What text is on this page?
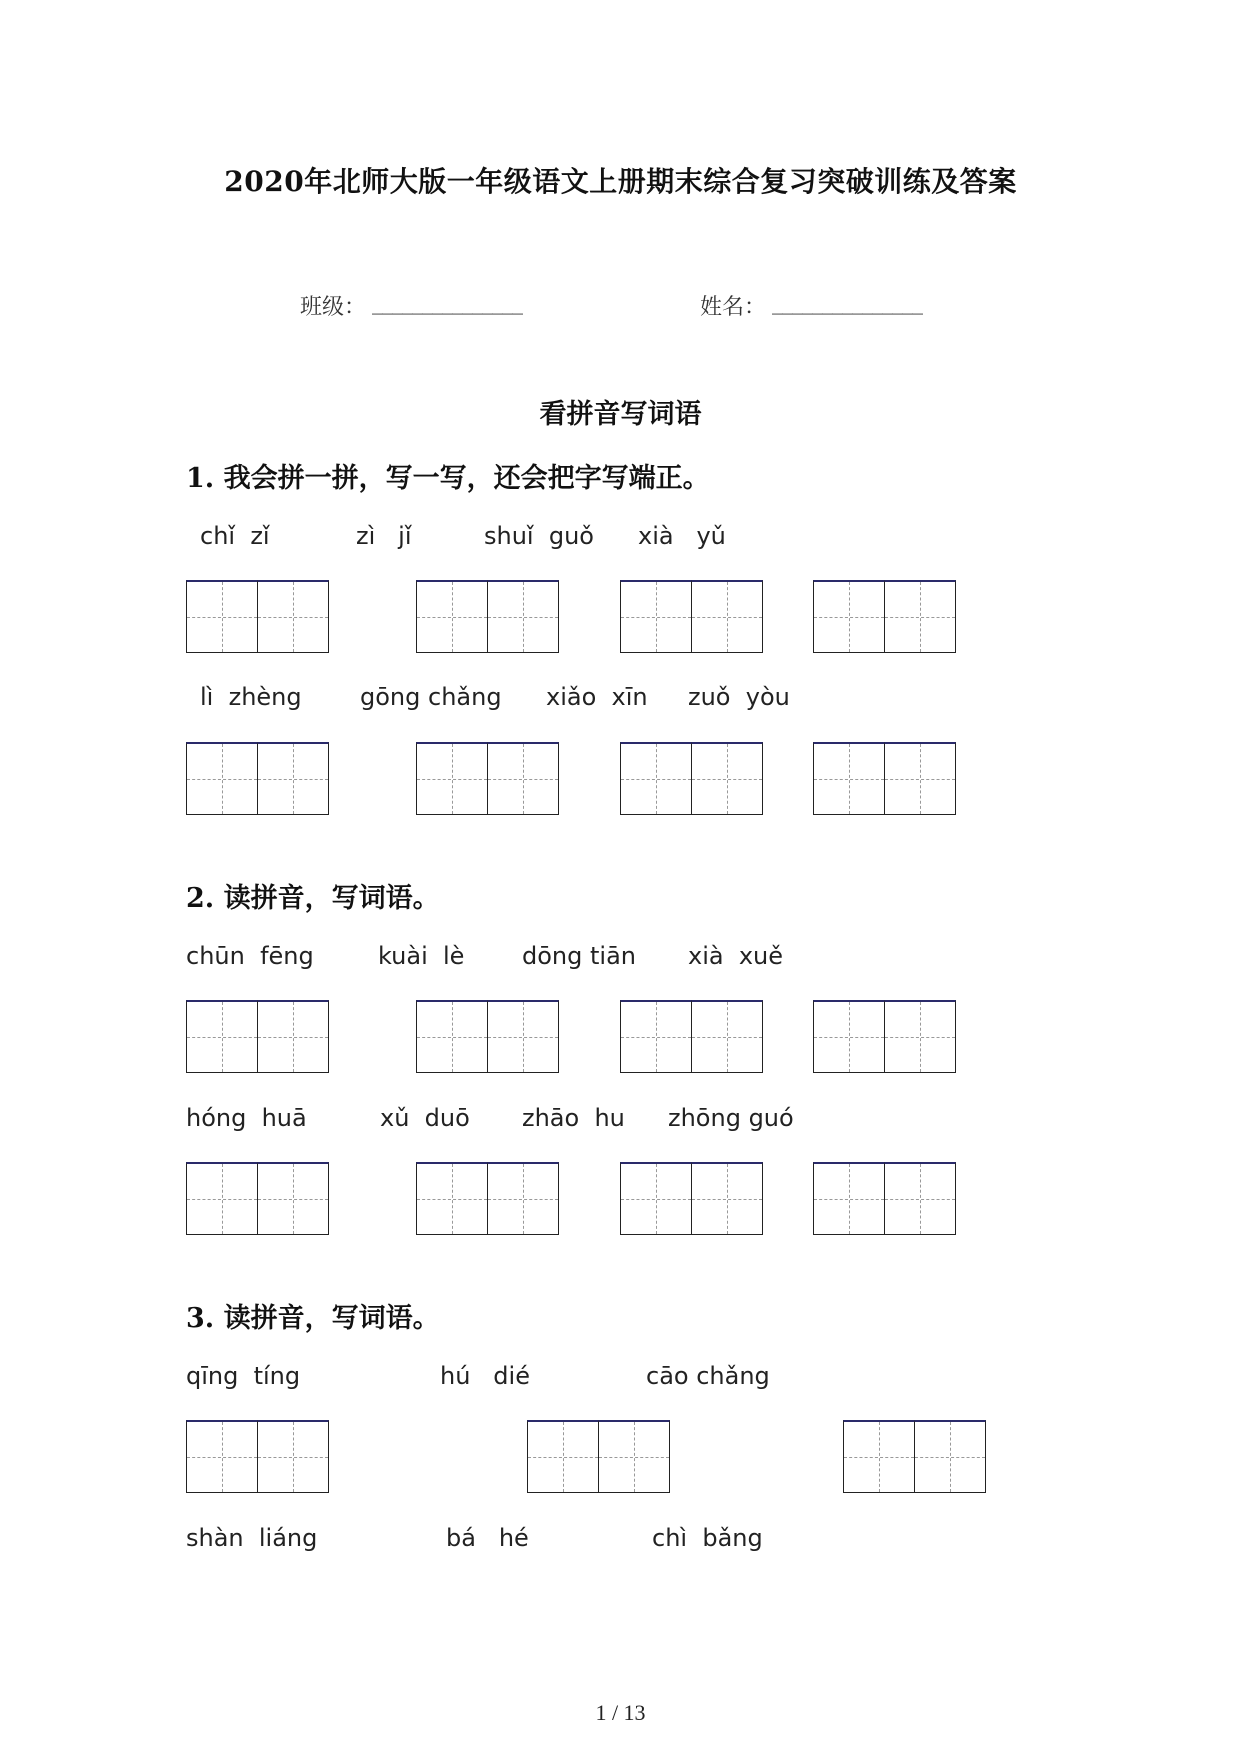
2020年北师大版一年级语文上册期末综合复习突破训练及答案
班级： _______________	姓名： _______________
看拼音写词语
1. 我会拼一拼，写一写，还会把字写端正。
chǐ  zǐ	zì   jǐ	shuǐ  guǒ xià   yǔ
lì  zhèng gōng chǎng xiǎo  xīn zuǒ  yòu
2. 读拼音，写词语。
chūn  fēng	kuài  lè dōng tiān xià  xuě
hóng  huā	xǔ  duō zhāo  hu zhōng guó
3. 读拼音，写词语。
qīng  tíng	hú   dié	cāo chǎng
shàn  liáng	bá   hé	chì  bǎng
1 / 13
